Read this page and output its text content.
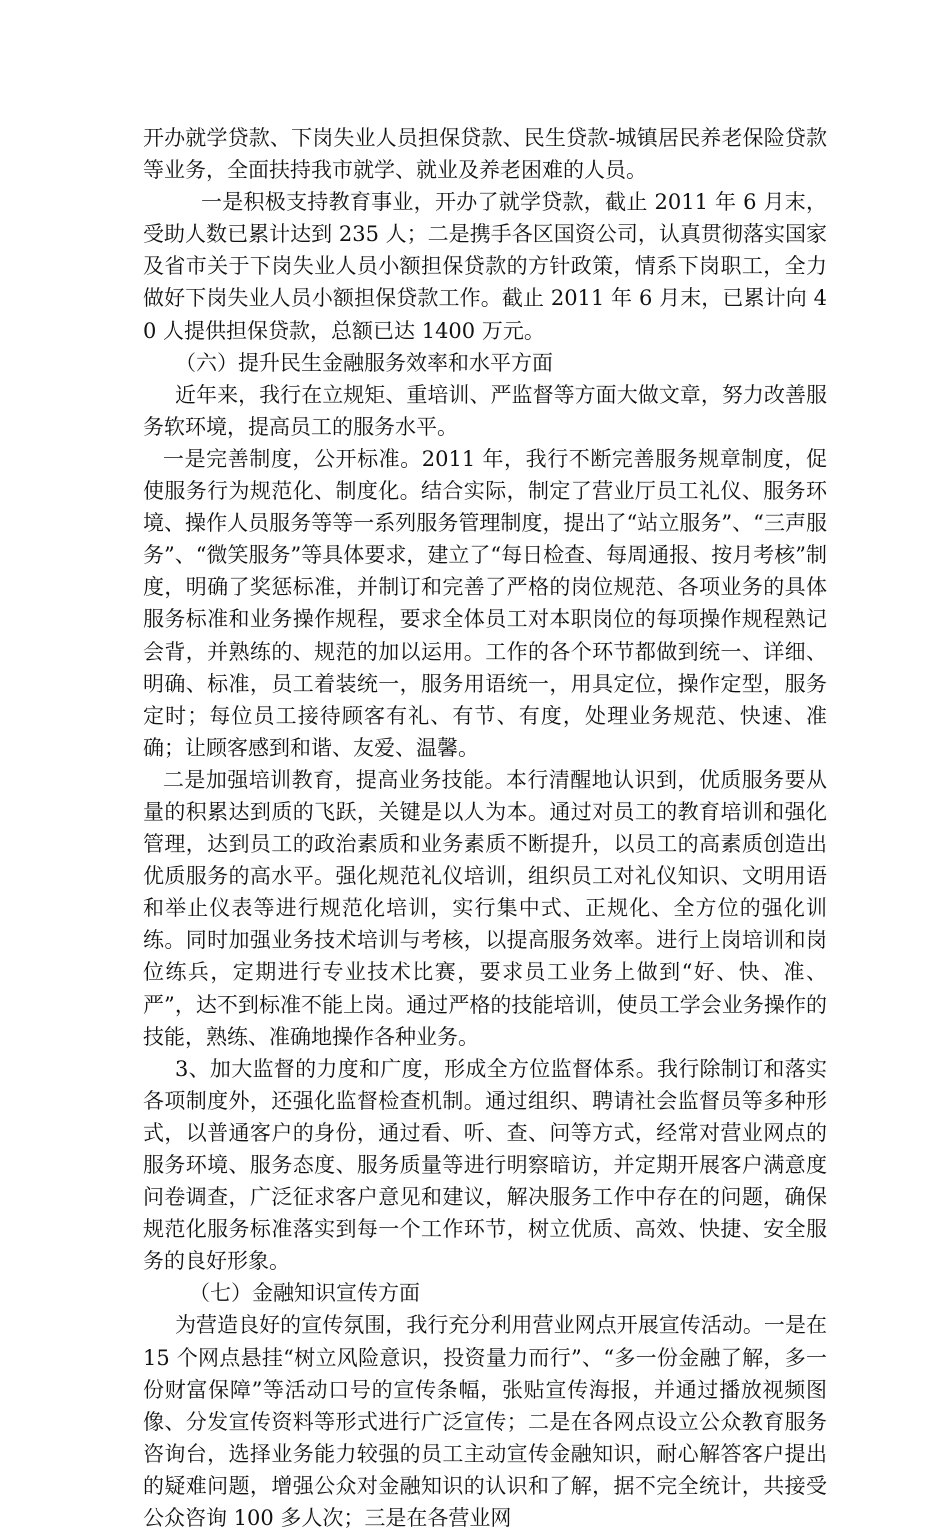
开办就学贷款、下岗失业人员担保贷款、民生贷款-城镇居民养老保险贷款等业务，全面扶持我市就学、就业及养老困难的人员。

一是积极支持教育事业，开办了就学贷款，截止 2011 年 6 月末，受助人数已累计达到 235 人；二是携手各区国资公司，认真贯彻落实国家及省市关于下岗失业人员小额担保贷款的方针政策，情系下岗职工，全力做好下岗失业人员小额担保贷款工作。截止 2011 年 6 月末，已累计向 40 人提供担保贷款，总额已达 1400 万元。

（六）提升民生金融服务效率和水平方面

近年来，我行在立规矩、重培训、严监督等方面大做文章，努力改善服务软环境，提高员工的服务水平。

一是完善制度，公开标准。2011 年，我行不断完善服务规章制度，促使服务行为规范化、制度化。结合实际，制定了营业厅员工礼仪、服务环境、操作人员服务等等一系列服务管理制度，提出了“站立服务”、“三声服务”、“微笑服务”等具体要求，建立了“每日检查、每周通报、按月考核”制度，明确了奖惩标准，并制订和完善了严格的岗位规范、各项业务的具体服务标准和业务操作规程，要求全体员工对本职岗位的每项操作规程熟记会背，并熟练的、规范的加以运用。工作的各个环节都做到统一、详细、明确、标准，员工着装统一，服务用语统一，用具定位，操作定型，服务定时；每位员工接待顾客有礼、有节、有度，处理业务规范、快速、准确；让顾客感到和谐、友爱、温馨。

二是加强培训教育，提高业务技能。本行清醒地认识到，优质服务要从量的积累达到质的飞跃，关键是以人为本。通过对员工的教育培训和强化管理，达到员工的政治素质和业务素质不断提升，以员工的高素质创造出优质服务的高水平。强化规范礼仪培训，组织员工对礼仪知识、文明用语和举止仪表等进行规范化培训，实行集中式、正规化、全方位的强化训练。同时加强业务技术培训与考核，以提高服务效率。进行上岗培训和岗位练兵，定期进行专业技术比赛，要求员工业务上做到“好、快、准、严”，达不到标准不能上岗。通过严格的技能培训，使员工学会业务操作的技能，熟练、准确地操作各种业务。

3、加大监督的力度和广度，形成全方位监督体系。我行除制订和落实各项制度外，还强化监督检查机制。通过组织、聘请社会监督员等多种形式，以普通客户的身份，通过看、听、查、问等方式，经常对营业网点的服务环境、服务态度、服务质量等进行明察暗访，并定期开展客户满意度问卷调查，广泛征求客户意见和建议，解决服务工作中存在的问题，确保规范化服务标准落实到每一个工作环节，树立优质、高效、快捷、安全服务的良好形象。

（七）金融知识宣传方面

为营造良好的宣传氛围，我行充分利用营业网点开展宣传活动。一是在 15 个网点悬挂“树立风险意识，投资量力而行”、“多一份金融了解，多一份财富保障”等活动口号的宣传条幅，张贴宣传海报，并通过播放视频图像、分发宣传资料等形式进行广泛宣传；二是在各网点设立公众教育服务咨询台，选择业务能力较强的员工主动宣传金融知识，耐心解答客户提出的疑难问题，增强公众对金融知识的认识和了解，据不完全统计，共接受公众咨询 100 多人次；三是在各营业网
